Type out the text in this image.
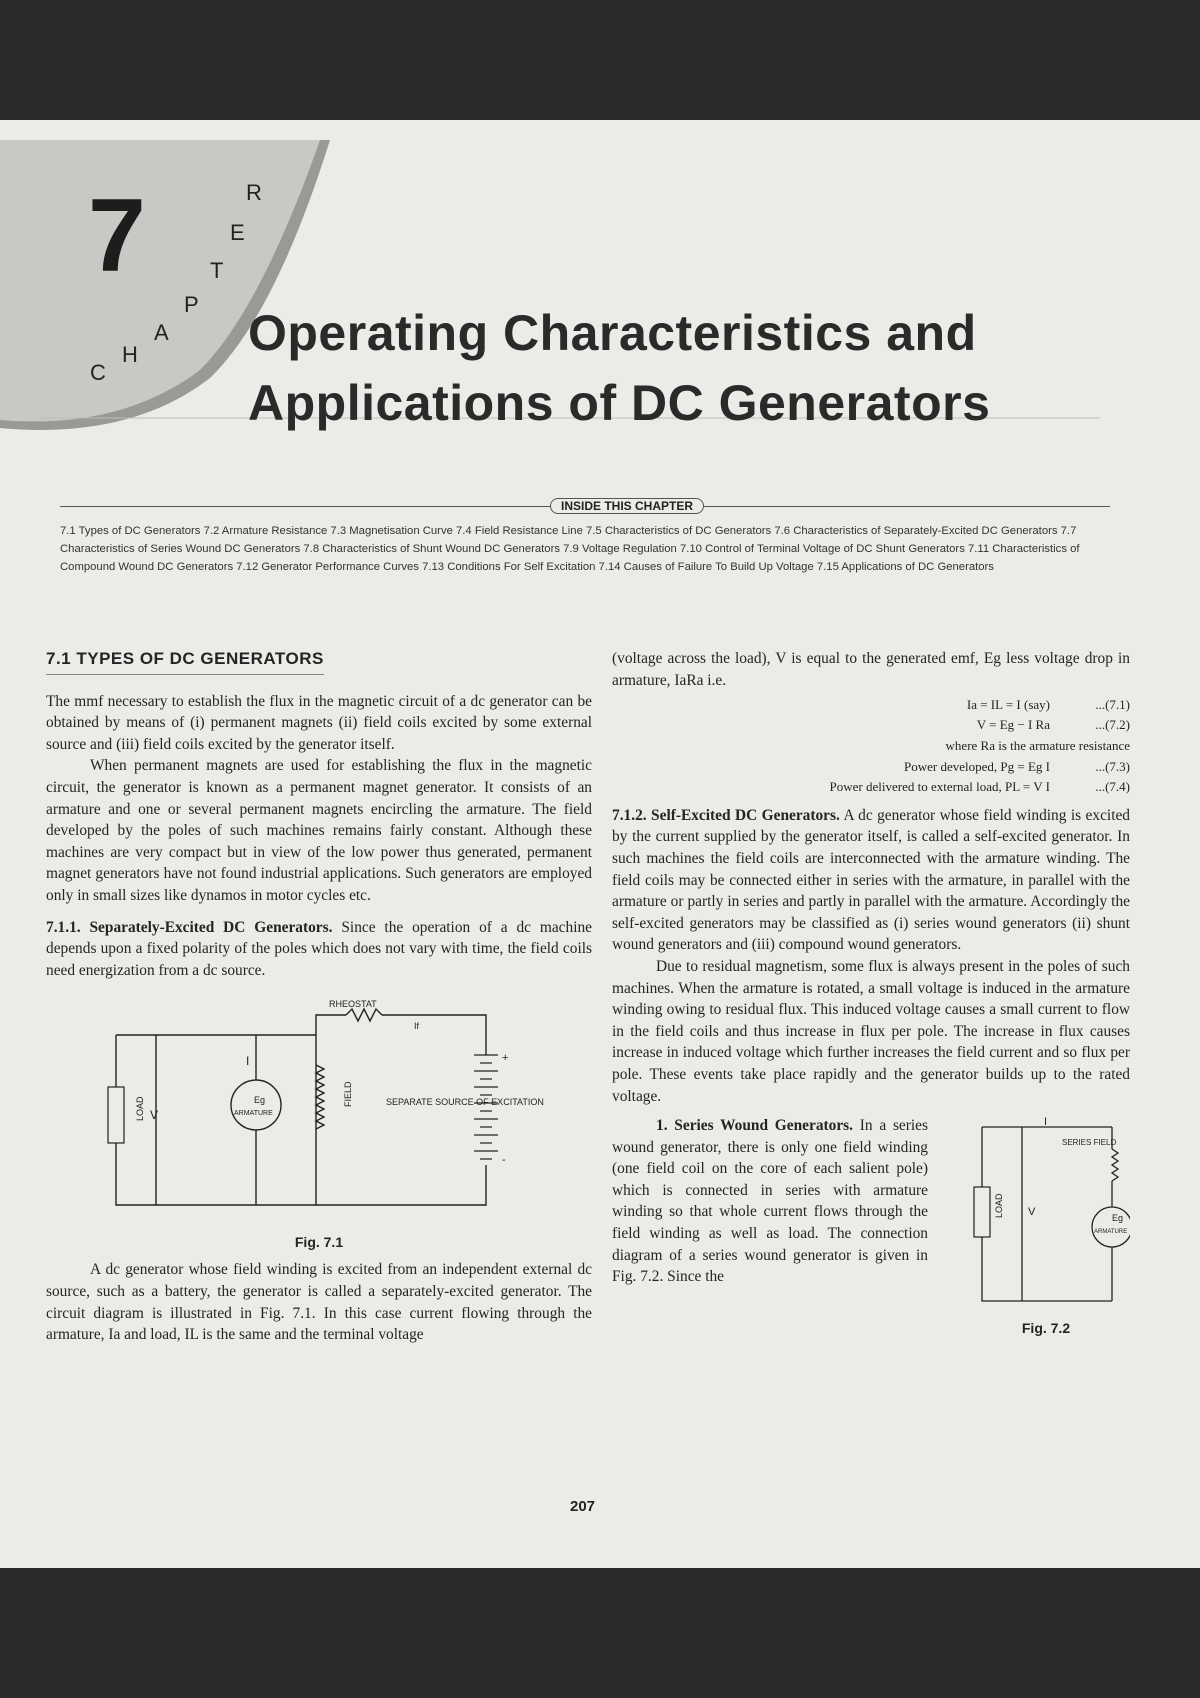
7
C
H
A
P
T
E
R
Operating Characteristics and
Applications of DC Generators
INSIDE THIS CHAPTER
7.1 Types of DC Generators 7.2 Armature Resistance 7.3 Magnetisation Curve 7.4 Field Resistance Line 7.5 Characteristics of DC Generators 7.6 Characteristics of Separately-Excited DC Generators 7.7 Characteristics of Series Wound DC Generators 7.8 Characteristics of Shunt Wound DC Generators 7.9 Voltage Regulation 7.10 Control of Terminal Voltage of DC Shunt Generators 7.11 Characteristics of Compound Wound DC Generators 7.12 Generator Performance Curves 7.13 Conditions For Self Excitation 7.14 Causes of Failure To Build Up Voltage 7.15 Applications of DC Generators
7.1 TYPES OF DC GENERATORS

The mmf necessary to establish the flux in the magnetic circuit of a dc generator can be obtained by means of (i) permanent magnets (ii) field coils excited by some external source and (iii) field coils excited by the generator itself.

When permanent magnets are used for establishing the flux in the magnetic circuit, the generator is known as a permanent magnet generator. It consists of an armature and one or several permanent magnets encircling the armature. The field developed by the poles of such machines remains fairly constant. Although these machines are very compact but in view of the low power thus generated, permanent magnet generators have not found industrial applications. Such generators are employed only in small sizes like dynamos in motor cycles etc.

7.1.1. Separately-Excited DC Generators. Since the operation of a dc machine depends upon a fixed polarity of the poles which does not vary with time, the field coils need energization from a dc source.

RHEOSTAT
If
I
LOAD V
Eg
ARMATURE
FIELD	SEPARATE SOURCE OF EXCITATION
+
-
Fig. 7.1

A dc generator whose field winding is excited from an independent external dc source, such as a battery, the generator is called a separately-excited generator. The circuit diagram is illustrated in Fig. 7.1. In this case current flowing through the armature, Ia and load, IL is the same and the terminal voltage

(voltage across the load), V is equal to the generated emf, Eg less voltage drop in armature, IaRa i.e.

Ia = IL = I (say)	...(7.1)
V = Eg − I Ra	...(7.2)
where Ra is the armature resistance
Power developed, Pg = Eg I	...(7.3)
Power delivered to external load, PL = V I	...(7.4)

7.1.2. Self-Excited DC Generators. A dc generator whose field winding is excited by the current supplied by the generator itself, is called a self-excited generator. In such machines the field coils are interconnected with the armature winding. The field coils may be connected either in series with the armature, in parallel with the armature or partly in series and partly in parallel with the armature. Accordingly the self-excited generators may be classified as (i) series wound generators (ii) shunt wound generators and (iii) compound wound generators.

Due to residual magnetism, some flux is always present in the poles of such machines. When the armature is rotated, a small voltage is induced in the armature winding owing to residual flux. This induced voltage causes a small current to flow in the field coils and thus increase in flux per pole. The increase in flux causes increase in induced voltage which further increases the field current and so flux per pole. These events take place rapidly and the generator builds up to the rated voltage.

I
SERIES FIELD
LOAD V	Eg
ARMATURE
Fig. 7.2

1. Series Wound Generators. In a series wound generator, there is only one field winding (one field coil on the core of each salient pole) which is connected in series with armature winding so that whole current flows through the field winding as well as load. The connection diagram of a series wound generator is given in Fig. 7.2. Since the

207
